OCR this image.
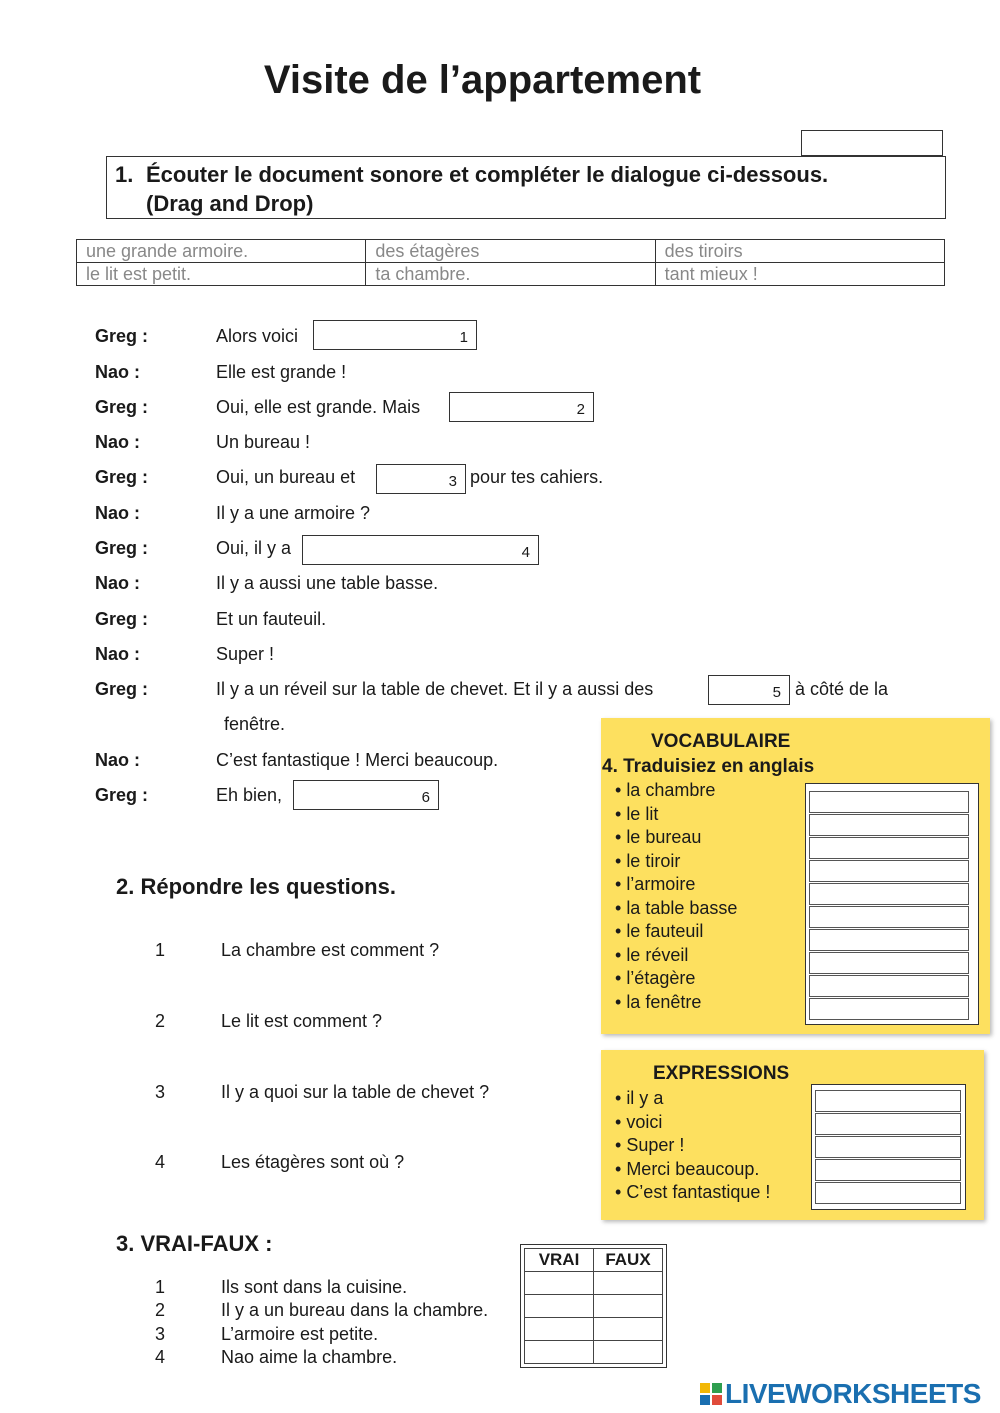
Visite de l’appartement
1. Écouter le document sonore et compléter le dialogue ci-dessous.
(Drag and Drop)
une grande armoire.	des étagères	des tiroirs
le lit est petit.	ta chambre.	tant mieux !
Greg :	Alors voici	1
Nao :	Elle est grande !
Greg :	Oui, elle est grande. Mais	2
Nao :	Un bureau !
Greg :	Oui, un bureau et	3 pour tes cahiers.
Nao :	Il y a une armoire ?
Greg :	Oui, il y a	4
Nao :	Il y a aussi une table basse.
Greg :	Et un fauteuil.
Nao :	Super !
Greg :	Il y a un réveil sur la table de chevet. Et il y a aussi des	5 à côté de la
fenêtre.
Nao :	C’est fantastique ! Merci beaucoup.
Greg :	Eh bien,	6
2. Répondre les questions.
1	La chambre est comment ?
2	Le lit est comment ?
3	Il y a quoi sur la table de chevet ?
4	Les étagères sont où ?
3. VRAI-FAUX :
1	Ils sont dans la cuisine.
2	Il y a un bureau dans la chambre.
3	L’armoire est petite.
4	Nao aime la chambre.
VRAI	FAUX

VOCABULAIRE
4. Traduisiez en anglais
• la chambre
• le lit
• le bureau
• le tiroir
• l’armoire
• la table basse
• le fauteuil
• le réveil
• l’étagère
• la fenêtre
EXPRESSIONS
• il y a
• voici
• Super !
• Merci beaucoup.
• C’est fantastique !
LIVEWORKSHEETS
